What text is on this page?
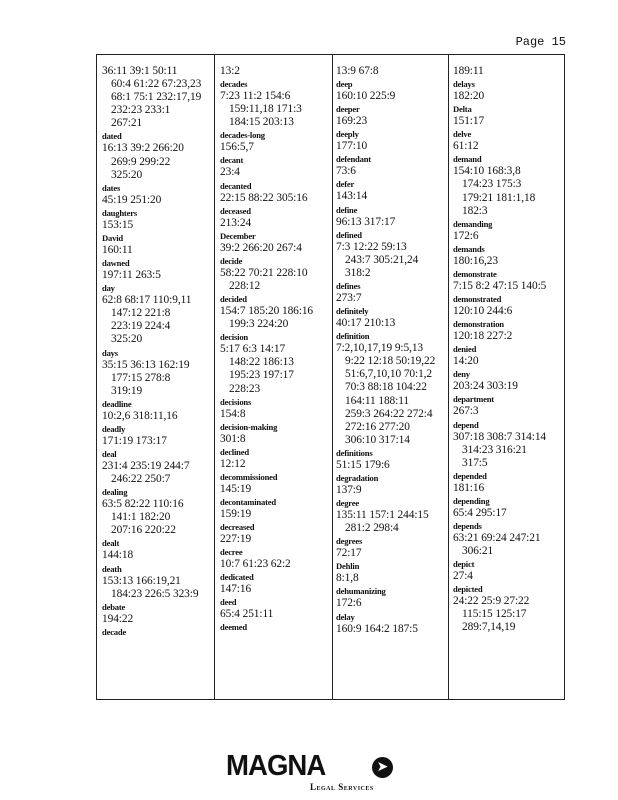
Page 15
36:11 39:1 50:11
60:4 61:22 67:23,23
68:1 75:1 232:17,19
232:23 233:1
267:21
dated
16:13 39:2 266:20
269:9 299:22
325:20
dates
45:19 251:20
daughters
153:15
David
160:11
dawned
197:11 263:5
day
62:8 68:17 110:9,11
147:12 221:8
223:19 224:4
325:20
days
35:15 36:13 162:19
177:15 278:8
319:19
deadline
10:2,6 318:11,16
deadly
171:19 173:17
deal
231:4 235:19 244:7
246:22 250:7
dealing
63:5 82:22 110:16
141:1 182:20
207:16 220:22
dealt
144:18
death
153:13 166:19,21
184:23 226:5 323:9
debate
194:22
decade
13:2
decades
7:23 11:2 154:6
159:11,18 171:3
184:15 203:13
decades-long
156:5,7
decant
23:4
decanted
22:15 88:22 305:16
deceased
213:24
December
39:2 266:20 267:4
decide
58:22 70:21 228:10
228:12
decided
154:7 185:20 186:16
199:3 224:20
decision
5:17 6:3 14:17
148:22 186:13
195:23 197:17
228:23
decisions
154:8
decision-making
301:8
declined
12:12
decommissioned
145:19
decontaminated
159:19
decreased
227:19
decree
10:7 61:23 62:2
dedicated
147:16
deed
65:4 251:11
deemed
13:9 67:8
deep
160:10 225:9
deeper
169:23
deeply
177:10
defendant
73:6
defer
143:14
define
96:13 317:17
defined
7:3 12:22 59:13
243:7 305:21,24
318:2
defines
273:7
definitely
40:17 210:13
definition
7:2,10,17,19 9:5,13
9:22 12:18 50:19,22
51:6,7,10,10 70:1,2
70:3 88:18 104:22
164:11 188:11
259:3 264:22 272:4
272:16 277:20
306:10 317:14
definitions
51:15 179:6
degradation
137:9
degree
135:11 157:1 244:15
281:2 298:4
degrees
72:17
Dehlin
8:1,8
dehumanizing
172:6
delay
160:9 164:2 187:5
189:11
delays
182:20
Delta
151:17
delve
61:12
demand
154:10 168:3,8
174:23 175:3
179:21 181:1,18
182:3
demanding
172:6
demands
180:16,23
demonstrate
7:15 8:2 47:15 140:5
demonstrated
120:10 244:6
demonstration
120:18 227:2
denied
14:20
deny
203:24 303:19
department
267:3
depend
307:18 308:7 314:14
314:23 316:21
317:5
depended
181:16
depending
65:4 295:17
depends
63:21 69:24 247:21
306:21
depict
27:4
depicted
24:22 25:9 27:22
115:15 125:17
289:7,14,19
MAGNA	➤
Legal Services
